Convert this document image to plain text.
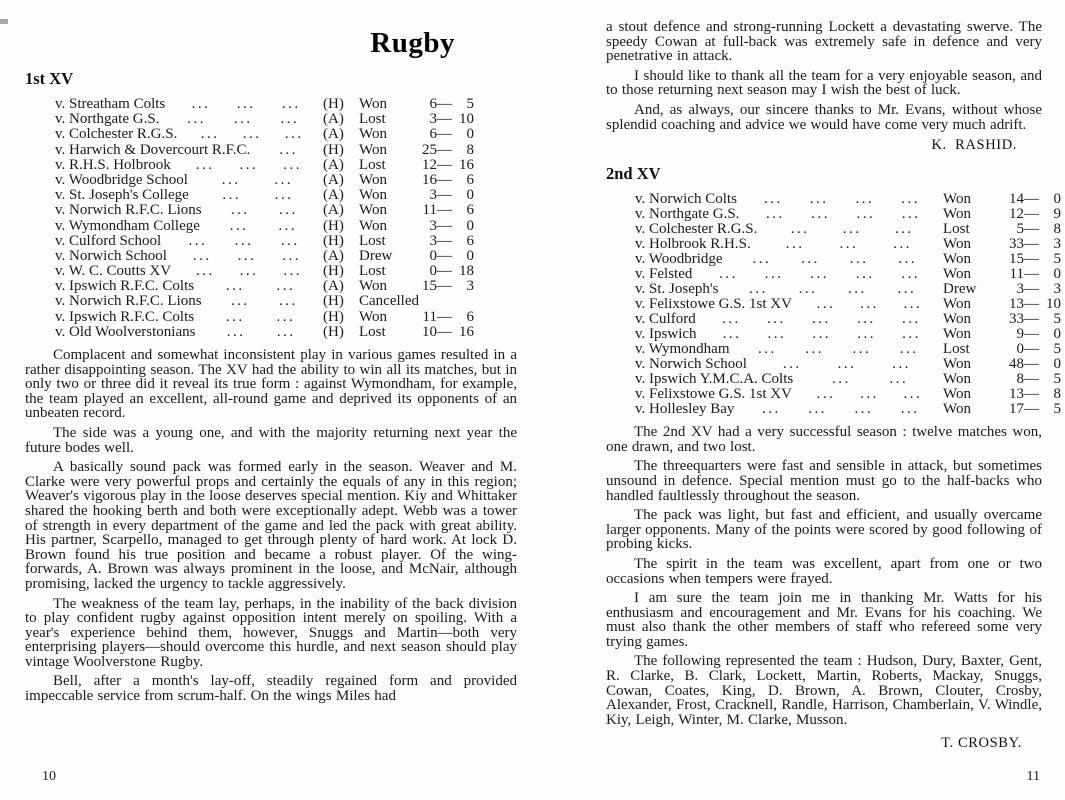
Rugby
1st XV
v. Streatham Colts ... ... ... (H)	Won	6 — 5
v. Northgate G.S. ... ... ... (A)	Lost	3 — 10
v. Colchester R.G.S. ... ... ... (A)	Won	6 — 0
v. Harwich & Dovercourt R.F.C. ... (H)	Won	25 — 8
v. R.H.S. Holbrook ... ... ... (A)	Lost	12 — 16
v. Woodbridge School ... ... (A)	Won	16 — 6
v. St. Joseph's College ... ... (A)	Won	3 — 0
v. Norwich R.F.C. Lions ... ... (A)	Won	11 — 6
v. Wymondham College ... ... (H)	Won	3 — 0
v. Culford School ... ... ... (H)	Lost	3 — 6
v. Norwich School ... ... ... (A)	Drew	0 — 0
v. W. C. Coutts XV ... ... ... (H)	Lost	0 — 18
v. Ipswich R.F.C. Colts ... ... (A)	Won	15 — 3
v. Norwich R.F.C. Lions ... ... (H)	Cancelled
v. Ipswich R.F.C. Colts ... ... (H)	Won	11 — 6
v. Old Woolverstonians ... ... (H)	Lost	10 — 16

Complacent and somewhat inconsistent play in various games resulted in a rather disappointing season. The XV had the ability to win all its matches, but in only two or three did it reveal its true form : against Wymondham, for example, the team played an excellent, all-round game and deprived its opponents of an unbeaten record.

The side was a young one, and with the majority returning next year the future bodes well.

A basically sound pack was formed early in the season. Weaver and M. Clarke were very powerful props and certainly the equals of any in this region; Weaver's vigorous play in the loose deserves special mention. Kiy and Whittaker shared the hooking berth and both were exceptionally adept. Webb was a tower of strength in every department of the game and led the pack with great ability. His partner, Scarpello, managed to get through plenty of hard work. At lock D. Brown found his true position and became a robust player. Of the wing-forwards, A. Brown was always prominent in the loose, and McNair, although promising, lacked the urgency to tackle aggressively.

The weakness of the team lay, perhaps, in the inability of the back division to play confident rugby against opposition intent merely on spoiling. With a year's experience behind them, however, Snuggs and Martin—both very enterprising players—should overcome this hurdle, and next season should play vintage Woolverstone Rugby.

Bell, after a month's lay-off, steadily regained form and provided impeccable service from scrum-half. On the wings Miles had

10

a stout defence and strong-running Lockett a devastating swerve. The speedy Cowan at full-back was extremely safe in defence and very penetrative in attack.

I should like to thank all the team for a very enjoyable season, and to those returning next season may I wish the best of luck.

And, as always, our sincere thanks to Mr. Evans, without whose splendid coaching and advice we would have come very much adrift.

K.  RASHID.
2nd XV
v. Norwich Colts ... ... ... ... Won	14 — 0
v. Northgate G.S. ... ... ... ... Won	12 — 9
v. Colchester R.G.S. ... ... ... Lost	5 — 8
v. Holbrook R.H.S. ... ... ... Won	33 — 3
v. Woodbridge ... ... ... ... Won	15 — 5
v. Felsted ... ... ... ... ... Won	11 — 0
v. St. Joseph's ... ... ... ... Drew	3 — 3
v. Felixstowe G.S. 1st XV ... ... ... Won	13 — 10
v. Culford ... ... ... ... ... Won	33 — 5
v. Ipswich ... ... ... ... ... Won	9 — 0
v. Wymondham ... ... ... ... Lost	0 — 5
v. Norwich School ... ... ... Won	48 — 0
v. Ipswich Y.M.C.A. Colts	...	... Won	8 — 5
v. Felixstowe G.S. 1st XV ... ... ... Won	13 — 8
v. Hollesley Bay ... ... ... ... Won	17 — 5

The 2nd XV had a very successful season : twelve matches won, one drawn, and two lost.

The threequarters were fast and sensible in attack, but sometimes unsound in defence. Special mention must go to the half-backs who handled faultlessly throughout the season.

The pack was light, but fast and efficient, and usually overcame larger opponents. Many of the points were scored by good following of probing kicks.

The spirit in the team was excellent, apart from one or two occasions when tempers were frayed.

I am sure the team join me in thanking Mr. Watts for his enthusiasm and encouragement and Mr. Evans for his coaching. We must also thank the other members of staff who refereed some very trying games.

The following represented the team : Hudson, Dury, Baxter, Gent, R. Clarke, B. Clark, Lockett, Martin, Roberts, Mackay, Snuggs, Cowan, Coates, King, D. Brown, A. Brown, Clouter, Crosby, Alexander, Frost, Cracknell, Randle, Harrison, Chamberlain, V. Windle, Kiy, Leigh, Winter, M. Clarke, Musson.

T. CROSBY.
11
